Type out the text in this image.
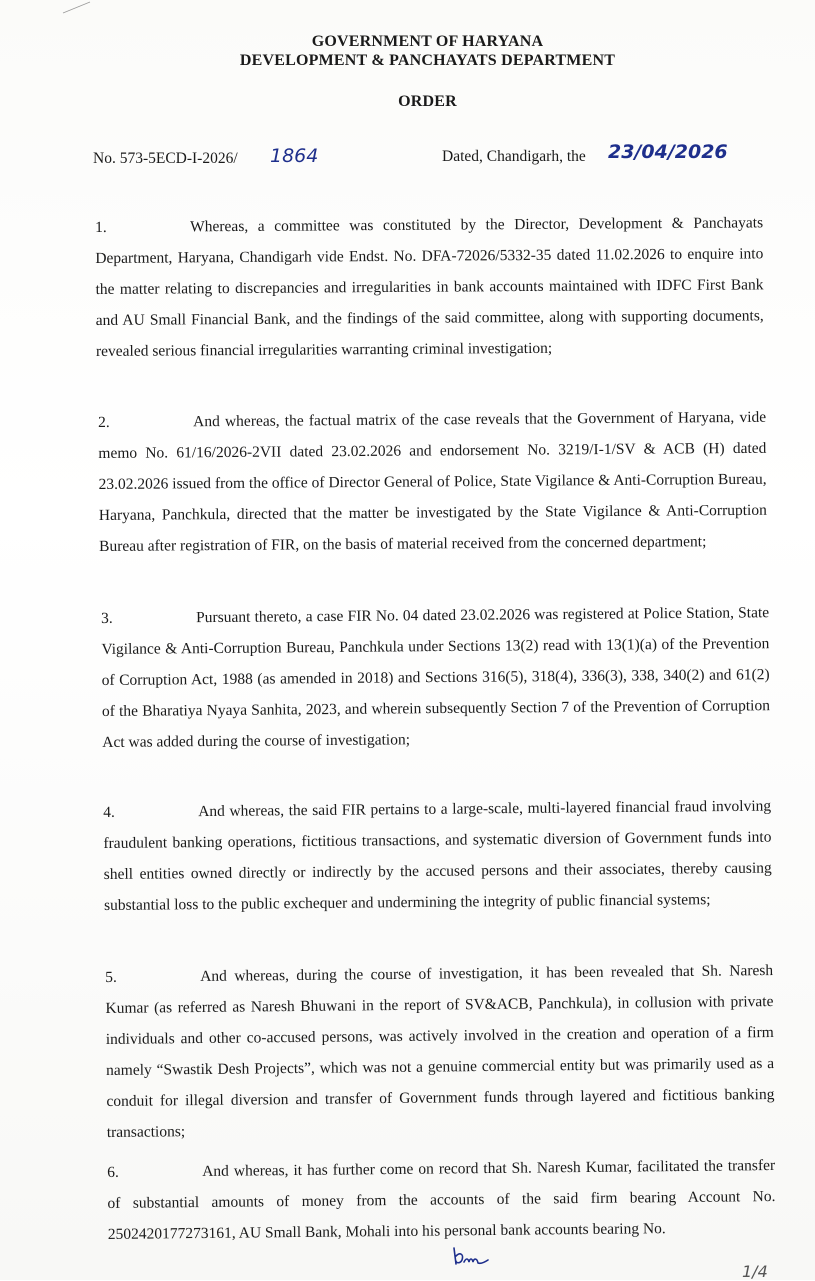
GOVERNMENT OF HARYANA
DEVELOPMENT & PANCHAYATS DEPARTMENT
ORDER
No. 573-5ECD-I-2026/ 1864	Dated, Chandigarh, the 23/04/2026
1.	Whereas, a committee was constituted by the Director, Development & Panchayats Department, Haryana, Chandigarh vide Endst. No. DFA-72026/5332-35 dated 11.02.2026 to enquire into the matter relating to discrepancies and irregularities in bank accounts maintained with IDFC First Bank and AU Small Financial Bank, and the findings of the said committee, along with supporting documents, revealed serious financial irregularities warranting criminal investigation;
2.	And whereas, the factual matrix of the case reveals that the Government of Haryana, vide memo No. 61/16/2026-2VII dated 23.02.2026 and endorsement No. 3219/I-1/SV & ACB (H) dated 23.02.2026 issued from the office of Director General of Police, State Vigilance & Anti-Corruption Bureau, Haryana, Panchkula, directed that the matter be investigated by the State Vigilance & Anti-Corruption Bureau after registration of FIR, on the basis of material received from the concerned department;
3.	Pursuant thereto, a case FIR No. 04 dated 23.02.2026 was registered at Police Station, State Vigilance & Anti-Corruption Bureau, Panchkula under Sections 13(2) read with 13(1)(a) of the Prevention of Corruption Act, 1988 (as amended in 2018) and Sections 316(5), 318(4), 336(3), 338, 340(2) and 61(2) of the Bharatiya Nyaya Sanhita, 2023, and wherein subsequently Section 7 of the Prevention of Corruption Act was added during the course of investigation;
4.	And whereas, the said FIR pertains to a large-scale, multi-layered financial fraud involving fraudulent banking operations, fictitious transactions, and systematic diversion of Government funds into shell entities owned directly or indirectly by the accused persons and their associates, thereby causing substantial loss to the public exchequer and undermining the integrity of public financial systems;
5.	And whereas, during the course of investigation, it has been revealed that Sh. Naresh Kumar (as referred as Naresh Bhuwani in the report of SV&ACB, Panchkula), in collusion with private individuals and other co-accused persons, was actively involved in the creation and operation of a firm namely “Swastik Desh Projects”, which was not a genuine commercial entity but was primarily used as a conduit for illegal diversion and transfer of Government funds through layered and fictitious banking transactions;
6.	And whereas, it has further come on record that Sh. Naresh Kumar, facilitated the transfer of substantial amounts of money from the accounts of the said firm bearing Account No. 2502420177273161, AU Small Bank, Mohali into his personal bank accounts bearing No.
1/4
